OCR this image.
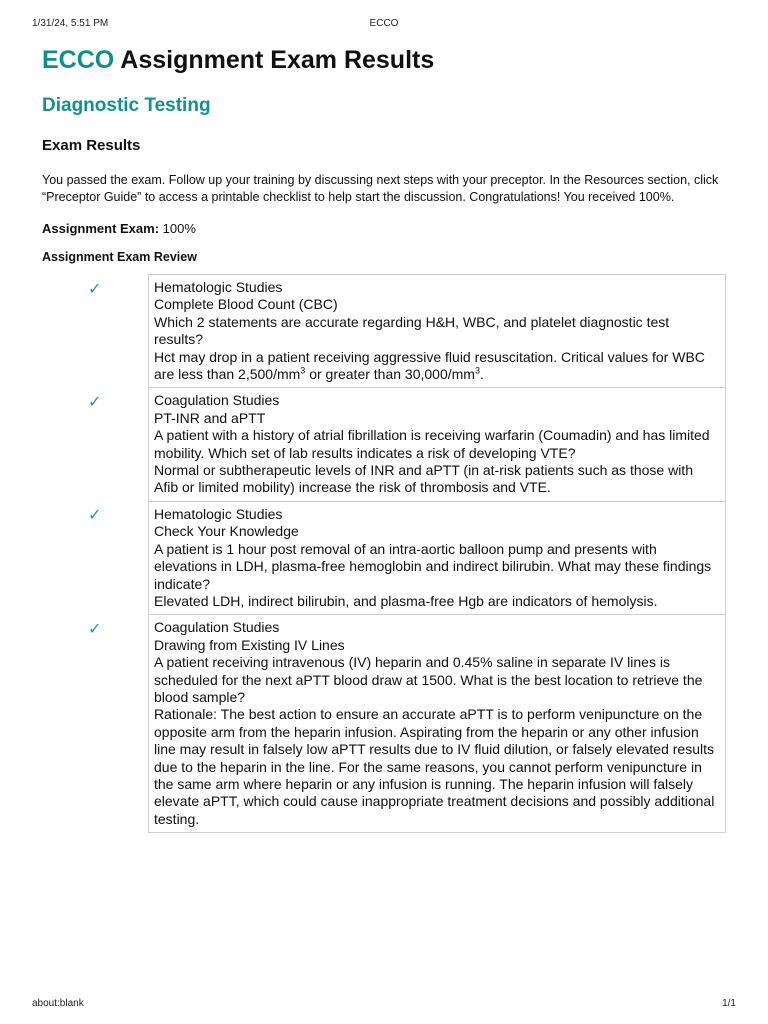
1/31/24, 5:51 PM	ECCO
ECCO Assignment Exam Results
Diagnostic Testing
Exam Results

You passed the exam. Follow up your training by discussing next steps with your preceptor. In the Resources section, click “Preceptor Guide” to access a printable checklist to help start the discussion. Congratulations! You received 100%.

Assignment Exam: 100%

Assignment Exam Review

✓	Hematologic Studies
Complete Blood Count (CBC)
Which 2 statements are accurate regarding H&H, WBC, and platelet diagnostic test results?
Hct may drop in a patient receiving aggressive fluid resuscitation. Critical values for WBC are less than $2,500/mm^3$ or greater than $30,000/mm^3$.

✓	Coagulation Studies
PT-INR and aPTT
A patient with a history of atrial fibrillation is receiving warfarin (Coumadin) and has limited mobility. Which set of lab results indicates a risk of developing VTE?
Normal or subtherapeutic levels of INR and aPTT (in at-risk patients such as those with Afib or limited mobility) increase the risk of thrombosis and VTE.

✓	Hematologic Studies
Check Your Knowledge
A patient is 1 hour post removal of an intra-aortic balloon pump and presents with elevations in LDH, plasma-free hemoglobin and indirect bilirubin. What may these findings indicate?
Elevated LDH, indirect bilirubin, and plasma-free Hgb are indicators of hemolysis.

✓	Coagulation Studies
Drawing from Existing IV Lines
A patient receiving intravenous (IV) heparin and 0.45% saline in separate IV lines is scheduled for the next aPTT blood draw at 1500. What is the best location to retrieve the blood sample?
Rationale: The best action to ensure an accurate aPTT is to perform venipuncture on the opposite arm from the heparin infusion. Aspirating from the heparin or any other infusion line may result in falsely low aPTT results due to IV fluid dilution, or falsely elevated results due to the heparin in the line. For the same reasons, you cannot perform venipuncture in the same arm where heparin or any infusion is running. The heparin infusion will falsely elevate aPTT, which could cause inappropriate treatment decisions and possibly additional testing.
about:blank	1/1
